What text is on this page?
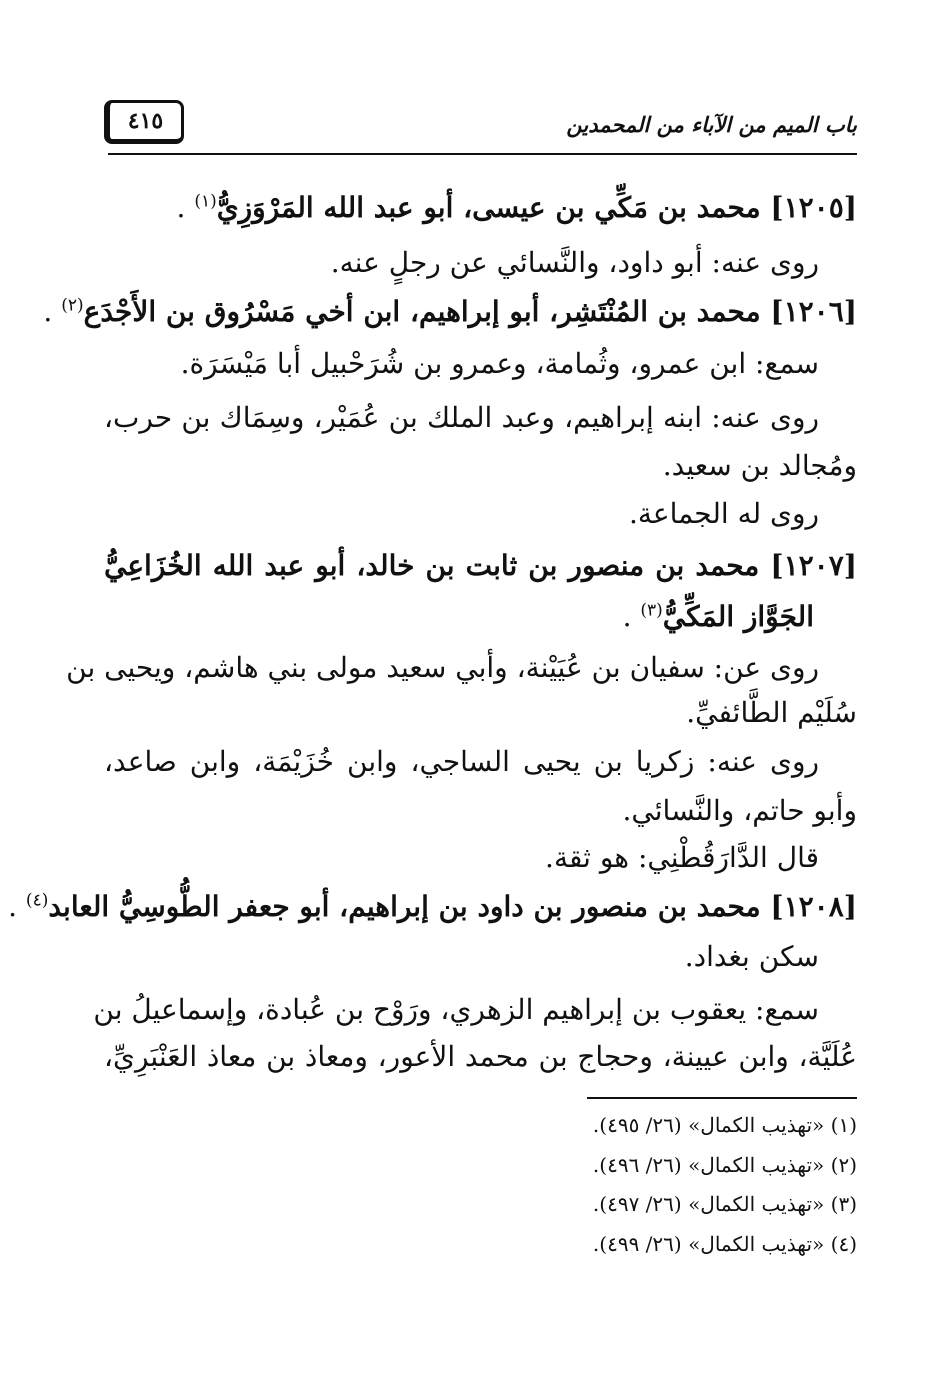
باب الميم من الآباء من المحمدين
٤١٥
[١٢٠٥] محمد بن مَكِّي بن عيسى، أبو عبد الله المَرْوَزِيُّ$^{(١)}$ .
روى عنه: أبو داود، والنَّسائي عن رجلٍ عنه.
[١٢٠٦] محمد بن المُنْتَشِر، أبو إبراهيم، ابن أخي مَسْرُوق بن الأَجْدَع$^{(٢)}$ .
سمع: ابن عمرو، وثُمامة، وعمرو بن شُرَحْبيل أبا مَيْسَرَة.
روى عنه: ابنه إبراهيم، وعبد الملك بن عُمَيْر، وسِمَاك بن حرب،
ومُجالد بن سعيد.
روى له الجماعة.
[١٢٠٧] محمد بن منصور بن ثابت بن خالد، أبو عبد الله الخُزَاعِيُّ
الجَوَّاز المَكِّيُّ$^{(٣)}$ .
روى عن: سفيان بن عُيَيْنة، وأبي سعيد مولى بني هاشم، ويحيى بن
سُلَيْم الطَّائفيِّ.
روى عنه: زكريا بن يحيى الساجي، وابن خُزَيْمَة، وابن صاعد،
وأبو حاتم، والنَّسائي.
قال الدَّارَقُطْنِي: هو ثقة.
[١٢٠٨] محمد بن منصور بن داود بن إبراهيم، أبو جعفر الطُّوسِيُّ العابد$^{(٤)}$ .
سكن بغداد.
سمع: يعقوب بن إبراهيم الزهري، ورَوْح بن عُبادة، وإسماعيلُ بن
عُلَيَّة، وابن عيينة، وحجاج بن محمد الأعور، ومعاذ بن معاذ العَنْبَرِيِّ،
(١) «تهذيب الكمال» (٢٦/ ٤٩٥).
(٢) «تهذيب الكمال» (٢٦/ ٤٩٦).
(٣) «تهذيب الكمال» (٢٦/ ٤٩٧).
(٤) «تهذيب الكمال» (٢٦/ ٤٩٩).
